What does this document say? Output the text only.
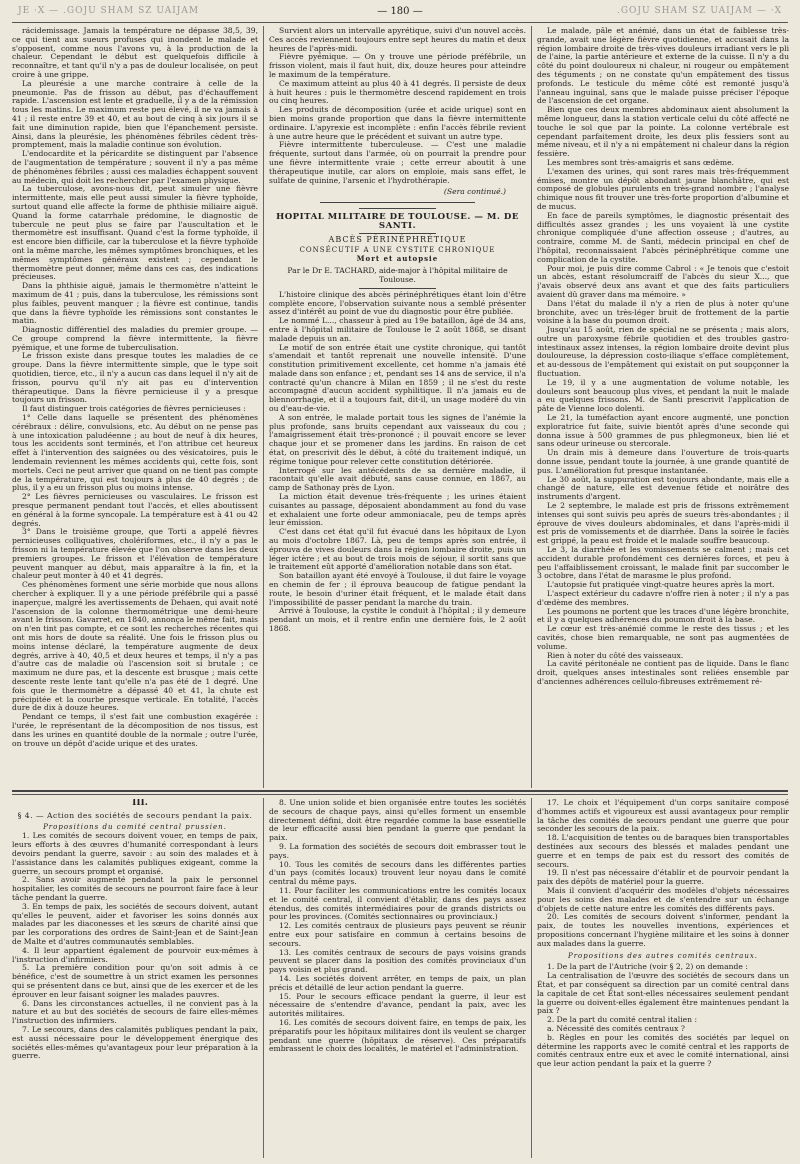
JE ·X — .GOJU SHAM SZ UAIJAM	— 180 —	.GOJU SHAM SZ UAIJAM — ·X

rácidemissage. Jamais la température ne dépasse 38,5, 39, ce qui tient aux sueurs profuses qui inondent le malade et s'opposent, comme nous l'avons vu, à la production de la chaleur. Cependant le début est quelquefois difficile à reconnaître, et tant qu'il n'y a pas de douleur localisée, on peut croire à une grippe.

La pleurésie a une marche contraire à celle de la pneumonie. Pas de frisson au début, pas d'échauffement rapide. L'ascension est lente et graduelle, il y a de la rémission tous les matins. Le maximum reste peu élevé, il ne va jamais à 41 ; il reste entre 39 et 40, et au bout de cinq à six jours il se fait une diminution rapide, bien que l'épanchement persiste. Ainsi, dans la pleurésie, les phénomènes fébriles cèdent très-promptement, mais la maladie continue son évolution.

L'endocardite et la péricardite se distinguent par l'absence de l'augmentation de température ; souvent il n'y a pas même de phénomènes fébriles ; aussi ces maladies échappent souvent au médecin, qui doit les rechercher par l'examen physique.

La tuberculose, avons-nous dit, peut simuler une fièvre intermittente, mais elle peut aussi simuler la fièvre typhoïde, surtout quand elle affecte la forme de phthisie miliaire aiguë. Quand la forme catarrhale prédomine, le diagnostic de tubercule ne peut plus se faire par l'auscultation et le thermomètre est insuffisant. Quand c'est la forme typhoïde, il est encore bien difficile, car la tuberculose et la fièvre typhoïde ont la même marche, les mêmes symptômes bronchiques, et les mêmes symptômes généraux existent ; cependant le thermomètre peut donner, même dans ces cas, des indications précieuses.

Dans la phthisie aiguë, jamais le thermomètre n'atteint le maximum de 41 ; puis, dans la tuberculose, les rémissions sont plus faibles, peuvent manquer ; la fièvre est continue, tandis que dans la fièvre typhoïde les rémissions sont constantes le matin.

Diagnostic différentiel des maladies du premier groupe. — Ce groupe comprend la fièvre intermittente, la fièvre pyémique, et une forme de tuberculisation.

Le frisson existe dans presque toutes les maladies de ce groupe. Dans la fièvre intermittente simple, que le type soit quotidien, tierce, etc., il n'y a aucun cas dans lequel il n'y ait de frisson, pourvu qu'il n'y ait pas eu d'intervention thérapeutique. Dans la fièvre pernicieuse il y a presque toujours un frisson.

Il faut distinguer trois catégories de fièvres pernicieuses :

1° Celle dans laquelle se présentent des phénomènes cérébraux : délire, convulsions, etc. Au début on ne pense pas à une intoxication paludéenne ; au bout de neuf à dix heures, tous les accidents sont terminés, et l'on attribue cet heureux effet à l'intervention des saignées ou des vésicatoires, puis le lendemain reviennent les mêmes accidents qui, cette fois, sont mortels. Ceci ne peut arriver que quand on ne tient pas compte de la température, qui est toujours à plus de 40 degrés ; de plus, il y a eu un frisson plus ou moins intense.

2° Les fièvres pernicieuses ou vasculaires. Le frisson est presque permanent pendant tout l'accès, et elles aboutissent en général à la forme syncopale. La température est à 41 ou 42 degrés.

3° Dans le troisième groupe, que Torti a appelé fièvres pernicieuses colliquatives, cholériformes, etc., il n'y a pas le frisson ni la température élevée que l'on observe dans les deux premiers groupes. Le frisson et l'élévation de température peuvent manquer au début, mais apparaître à la fin, et la chaleur peut monter à 40 et 41 degrés.

Ces phénomènes forment une série morbide que nous allons chercher à expliquer. Il y a une période préfébrile qui a passé inaperçue, malgré les avertissements de Dehaen, qui avait noté l'ascension de la colonne thermométrique une demi-heure avant le frisson. Gavarret, en 1840, annonça le même fait, mais on n'en tint pas compte, et ce sont les recherches récentes qui ont mis hors de doute sa réalité. Une fois le frisson plus ou moins intense déclaré, la température augmente de deux degrés, arrive à 40, 40,5 et deux heures et temps, il n'y a pas d'autre cas de maladie où l'ascension soit si brutale ; ce maximum ne dure pas, et la descente est brusque ; mais cette descente reste lente tant qu'elle n'a pas été de 1 degré. Une fois que le thermomètre a dépassé 40 et 41, la chute est précipitée et la courbe presque verticale. En totalité, l'accès dure de dix à douze heures.

Pendant ce temps, il s'est fait une combustion exagérée : l'urée, le représentant de la décomposition de nos tissus, est dans les urines en quantité double de la normale ; outre l'urée, on trouve un dépôt d'acide urique et des urates.

Survient alors un intervalle apyrétique, suivi d'un nouvel accès. Ces accès reviennent toujours entre sept heures du matin et deux heures de l'après-midi.

Fièvre pyémique. — On y trouve une période préfébrile, un frisson violent, mais il faut huit, dix, douze heures pour atteindre le maximum de la température.

Ce maximum atteint au plus 40 à 41 degrés. Il persiste de deux à huit heures : puis le thermomètre descend rapidement en trois ou cinq heures.

Les produits de décomposition (urée et acide urique) sont en bien moins grande proportion que dans la fièvre intermittente ordinaire. L'apyrexie est incomplète : enfin l'accès fébrile revient à une autre heure que le précédent et suivant un autre type.

Fièvre intermittente tuberculeuse. — C'est une maladie fréquente, surtout dans l'armée, où on pourrait la prendre pour une fièvre intermittente vraie ; cette erreur aboutit à une thérapeutique inutile, car alors on emploie, mais sans effet, le sulfate de quinine, l'arsenic et l'hydrothérapie.

(Sera continué.)

HOPITAL MILITAIRE DE TOULOUSE. — M. DE SANTI.

ABCÈS PÉRINÉPHRÉTIQUE

CONSÉCUTIF A UNE CYSTITE CHRONIQUE

Mort et autopsie

Par le Dr E. TACHARD, aide-major à l'hôpital militaire de Toulouse.

L'histoire clinique des abcès périnéphrétiques étant loin d'être complète encore, l'observation suivante nous a semblé présenter assez d'intérêt au point de vue du diagnostic pour être publiée.

Le nommé L..., chasseur à pied au 19e bataillon, âgé de 34 ans, entre à l'hôpital militaire de Toulouse le 2 août 1868, se disant malade depuis un an.

Le motif de son entrée était une cystite chronique, qui tantôt s'amendait et tantôt reprenait une nouvelle intensité. D'une constitution primitivement excellente, cet homme n'a jamais été malade dans son enfance ; et, pendant ses 14 ans de service, il n'a contracté qu'un chancre à Milan en 1859 ; il ne s'est du reste accompagné d'aucun accident syphilitique. Il n'a jamais eu de blennorrhagie, et il a toujours fait, dit-il, un usage modéré du vin ou d'eau-de-vie.

A son entrée, le malade portait tous les signes de l'anémie la plus profonde, sans bruits cependant aux vaisseaux du cou ; l'amaigrissement était très-prononcé ; il pouvait encore se lever chaque jour et se promener dans les jardins. En raison de cet état, on prescrivit dès le début, à côté du traitement indiqué, un régime tonique pour relever cette constitution détériorée.

Interrogé sur les antécédents de sa dernière maladie, il racontait qu'elle avait débuté, sans cause connue, en 1867, au camp de Sathonay près de Lyon.

La miction était devenue très-fréquente ; les urines étaient cuisantes au passage, déposaient abondamment au fond du vase et exhalaient une forte odeur ammoniacale, peu de temps après leur émission.

C'est dans cet état qu'il fut évacué dans les hôpitaux de Lyon au mois d'octobre 1867. Là, peu de temps après son entrée, il éprouva de vives douleurs dans la région lombaire droite, puis un léger ictère ; et au bout de trois mois de séjour, il sortit sans que le traitement eût apporté d'amélioration notable dans son état.

Son bataillon ayant été envoyé à Toulouse, il dut faire le voyage en chemin de fer ; il éprouva beaucoup de fatigue pendant la route, le besoin d'uriner était fréquent, et le malade était dans l'impossibilité de passer pendant la marche du train.

Arrivé à Toulouse, la cystite le conduit à l'hôpital ; il y demeure pendant un mois, et il rentre enfin une dernière fois, le 2 août 1868.

Le malade, pâle et anémié, dans un état de faiblesse très-grande, avait une légère fièvre quotidienne, et accusait dans la région lombaire droite de très-vives douleurs irradiant vers le pli de l'aine, la partie antérieure et externe de la cuisse. Il n'y a du côté du point douloureux ni chaleur, ni rougeur ou empâtement des téguments ; on ne constate qu'un empâtement des tissus profonds. Le testicule du même côté est remonté jusqu'à l'anneau inguinal, sans que le malade puisse préciser l'époque de l'ascension de cet organe.

Bien que ces deux membres abdominaux aient absolument la même longueur, dans la station verticale celui du côté affecté ne touche le sol que par la pointe. La colonne vertébrale est cependant parfaitement droite, les deux plis fessiers sont au même niveau, et il n'y a ni empâtement ni chaleur dans la région fessière.

Les membres sont très-amaigris et sans œdème.

L'examen des urines, qui sont rares mais très-fréquemment émises, montre un dépôt abondant jaune blanchâtre, qui est composé de globules purulents en très-grand nombre ; l'analyse chimique nous fit trouver une très-forte proportion d'albumine et de mucus.

En face de pareils symptômes, le diagnostic présentait des difficultés assez grandes ; les uns voyaient là une cystite chronique compliquée d'une affection osseuse ; d'autres, au contraire, comme M. de Santi, médecin principal en chef de l'hôpital, reconnaissaient l'abcès périnéphrétique comme une complication de la cystite.

Pour moi, je puis dire comme Cabrol : « Je tenois que c'estoit un abcès, estant résolumcraiff de l'abcès du sieur X..., que j'avais observé deux ans avant et que des faits particuliers avaient dû graver dans ma mémoire. »

Dans l'état du malade il n'y a rien de plus à noter qu'une bronchite, avec un très-léger bruit de frottement de la partie voisine à la base du poumon droit.

Jusqu'au 15 août, rien de spécial ne se présenta ; mais alors, outre un paroxysme fébrile quotidien et des troubles gastro-intestinaux assez intenses, la région lombaire droite devint plus douloureuse, la dépression costo-iliaque s'efface complètement, et au-dessous de l'empâtement qui existait on put soupçonner la fluctuation.

Le 19, il y a une augmentation de volume notable, les douleurs sont beaucoup plus vives, et pendant la nuit le malade a eu quelques frissons. M. de Santi prescrivit l'application de pâte de Vienne loco dolenti.

Le 21, la tuméfaction ayant encore augmenté, une ponction exploratrice fut faite, suivie bientôt après d'une seconde qui donna issue à 500 grammes de pus phlegmoneux, bien lié et sans odeur urineuse ou stercorale.

Un drain mis à demeure dans l'ouverture de trois-quarts donne issue, pendant toute la journée, à une grande quantité de pus. L'amélioration fut presque instantanée.

Le 30 août, la suppuration est toujours abondante, mais elle a changé de nature, elle est devenue fétide et noirâtre des instruments d'argent.

Le 2 septembre, le malade est pris de frissons extrêmement intenses qui sont suivis peu après de sueurs très-abondantes ; il éprouve de vives douleurs abdominales, et dans l'après-midi il est pris de vomissements et de diarrhée. Dans la soirée le faciès est grippé, la peau est froide et le malade souffre beaucoup.

Le 3, la diarrhée et les vomissements se calment ; mais cet accident durable profondément ces dernières forces, et peu à peu l'affaiblissement croissant, le malade finit par succomber le 3 octobre, dans l'état de marasme le plus profond.

L'autopsie fut pratiquée vingt-quatre heures après la mort.

L'aspect extérieur du cadavre n'offre rien à noter ; il n'y a pas d'œdème des membres.

Les poumons ne portent que les traces d'une légère bronchite, et il y a quelques adhérences du poumon droit à la base.

Le cœur est très-anémié comme le reste des tissus ; et les cavités, chose bien remarquable, ne sont pas augmentées de volume.

Rien à noter du côté des vaisseaux.

La cavité péritonéale ne contient pas de liquide. Dans le flanc droit, quelques anses intestinales sont reliées ensemble par d'anciennes adhérences cellulo-fibreuses extrêmement ré-

III.

§ 4. — Action des sociétés de secours pendant la paix.

Propositions du comité central prussien.

1. Les comités de secours doivent vouer, en temps de paix, leurs efforts à des œuvres d'humanité correspondant à leurs devoirs pendant la guerre, savoir : au soin des malades et à l'assistance dans les calamités publiques exigeant, comme la guerre, un secours prompt et organisé.

2. Sans avoir augmenté pendant la paix le personnel hospitalier, les comités de secours ne pourront faire face à leur tâche pendant la guerre.

3. En temps de paix, les sociétés de secours doivent, autant qu'elles le peuvent, aider et favoriser les soins donnés aux malades par les diaconesses et les sœurs de charité ainsi que par les corporations des ordres de Saint-Jean et de Saint-Jean de Malte et d'autres communautés semblables.

4. Il leur appartient également de pourvoir eux-mêmes à l'instruction d'infirmiers.

5. La première condition pour qu'on soit admis à ce bénéfice, c'est de soumettre à un strict examen les personnes qui se présentent dans ce but, ainsi que de les exercer et de les éprouver en leur faisant soigner les malades pauvres.

6. Dans les circonstances actuelles, il ne convient pas à la nature et au but des sociétés de secours de faire elles-mêmes l'instruction des infirmiers.

7. Le secours, dans des calamités publiques pendant la paix, est aussi nécessaire pour le développement énergique des sociétés elles-mêmes qu'avantageux pour leur préparation à la guerre.

8. Une union solide et bien organisée entre toutes les sociétés de secours de chaque pays, ainsi qu'elles forment un ensemble directement défini, doit être regardée comme la base essentielle de leur efficacité aussi bien pendant la guerre que pendant la paix.

9. La formation des sociétés de secours doit embrasser tout le pays.

10. Tous les comités de secours dans les différentes parties d'un pays (comités locaux) trouvent leur noyau dans le comité central du même pays.

11. Pour faciliter les communications entre les comités locaux et le comité central, il convient d'établir, dans des pays assez étendus, des comités intermédiaires pour de grands districts ou pour les provinces. (Comités sectionnaires ou provinciaux.)

12. Les comités centraux de plusieurs pays peuvent se réunir entre eux pour satisfaire en commun à certains besoins de secours.

13. Les comités centraux de secours de pays voisins grands peuvent se placer dans la position des comités provinciaux d'un pays voisin et plus grand.

14. Les sociétés doivent arrêter, en temps de paix, un plan précis et détaillé de leur action pendant la guerre.

15. Pour le secours efficace pendant la guerre, il leur est nécessaire de s'entendre d'avance, pendant la paix, avec les autorités militaires.

16. Les comités de secours doivent faire, en temps de paix, les préparatifs pour les hôpitaux militaires dont ils veulent se charger pendant une guerre (hôpitaux de réserve). Ces préparatifs embrassent le choix des localités, le matériel et l'administration.

17. Le choix et l'équipement d'un corps sanitaire composé d'hommes actifs et vigoureux est aussi avantageux pour remplir la tâche des comités de secours pendant une guerre que pour seconder les secours de la paix.

18. L'acquisition de tentes ou de baraques bien transportables destinées aux secours des blessés et malades pendant une guerre et en temps de paix est du ressort des comités de secours.

19. Il n'est pas nécessaire d'établir et de pourvoir pendant la paix des dépôts de matériel pour la guerre.

Mais il convient d'acquérir des modèles d'objets nécessaires pour les soins des malades et de s'entendre sur un échange d'objets de cette nature entre les comités des différents pays.

20. Les comités de secours doivent s'informer, pendant la paix, de toutes les nouvelles inventions, expériences et propositions concernant l'hygiène militaire et les soins à donner aux malades dans la guerre.

Propositions des autres comités centraux.

1. De la part de l'Autriche (voir § 2, 2) on demande :

La centralisation de l'œuvre des sociétés de secours dans un État, et par conséquent sa direction par un comité central dans la capitale de cet État sont-elles nécessaires seulement pendant la guerre ou doivent-elles également être maintenues pendant la paix ?

2. De la part du comité central italien :

a. Nécessité des comités centraux ?

b. Règles en pour les comités des sociétés par lequel on détermine les rapports avec le comité central et les rapports de comités centraux entre eux et avec le comité international, ainsi que leur action pendant la paix et la guerre ?
